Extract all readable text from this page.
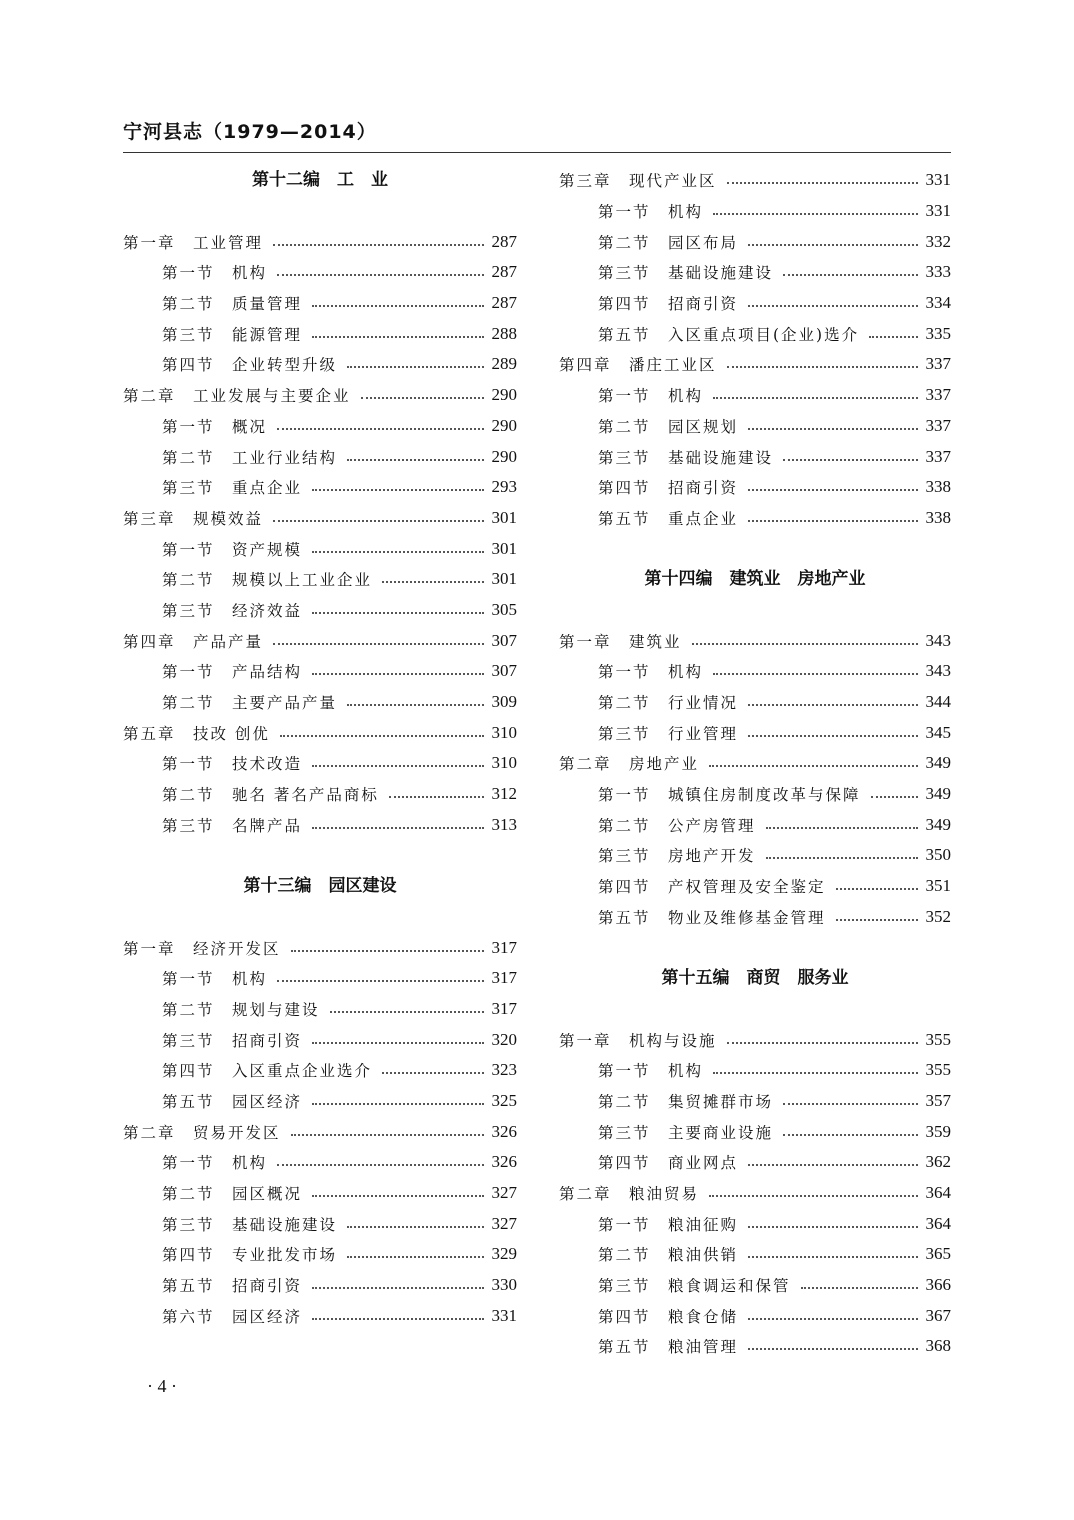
宁河县志（1979—2014）
第十二编　工　业
第一章	工业管理	287
第一节	机构	287
第二节	质量管理	287
第三节	能源管理	288
第四节	企业转型升级	289
第二章	工业发展与主要企业	290
第一节	概况	290
第二节	工业行业结构	290
第三节	重点企业	293
第三章	规模效益	301
第一节	资产规模	301
第二节	规模以上工业企业	301
第三节	经济效益	305
第四章	产品产量	307
第一节	产品结构	307
第二节	主要产品产量	309
第五章	技改 创优	310
第一节	技术改造	310
第二节	驰名 著名产品商标	312
第三节	名牌产品	313
第十三编　园区建设
第一章	经济开发区	317
第一节	机构	317
第二节	规划与建设	317
第三节	招商引资	320
第四节	入区重点企业选介	323
第五节	园区经济	325
第二章	贸易开发区	326
第一节	机构	326
第二节	园区概况	327
第三节	基础设施建设	327
第四节	专业批发市场	329
第五节	招商引资	330
第六节	园区经济	331
第三章	现代产业区	331
第一节	机构	331
第二节	园区布局	332
第三节	基础设施建设	333
第四节	招商引资	334
第五节	入区重点项目(企业)选介	335
第四章	潘庄工业区	337
第一节	机构	337
第二节	园区规划	337
第三节	基础设施建设	337
第四节	招商引资	338
第五节	重点企业	338
第十四编　建筑业　房地产业
第一章	建筑业	343
第一节	机构	343
第二节	行业情况	344
第三节	行业管理	345
第二章	房地产业	349
第一节	城镇住房制度改革与保障	349
第二节	公产房管理	349
第三节	房地产开发	350
第四节	产权管理及安全鉴定	351
第五节	物业及维修基金管理	352
第十五编　商贸　服务业
第一章	机构与设施	355
第一节	机构	355
第二节	集贸摊群市场	357
第三节	主要商业设施	359
第四节	商业网点	362
第二章	粮油贸易	364
第一节	粮油征购	364
第二节	粮油供销	365
第三节	粮食调运和保管	366
第四节	粮食仓储	367
第五节	粮油管理	368
· 4 ·
